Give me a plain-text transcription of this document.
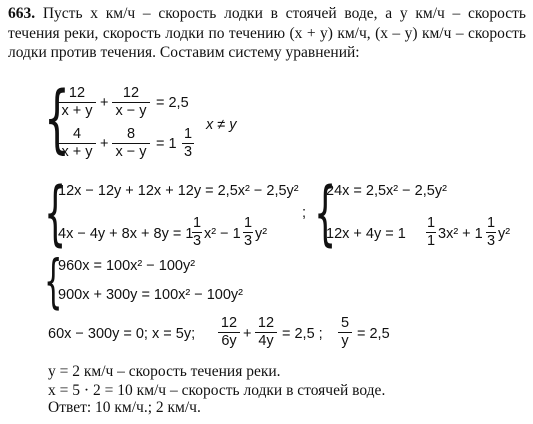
663. Пусть x км/ч – скорость лодки в стоячей воде, а y км/ч – скорость течения реки, скорость лодки по течению (x + y) км/ч, (x – y) км/ч – скорость лодки против течения. Составим систему уравнений:
{
$\frac{12}{x + y} + \frac{12}{x - y} = 2,5$
$\frac{4}{x + y} + \frac{8}{x - y} = 1 \frac{1}{3}$
x ≠ y
{
12x − 12y + 12x + 12y = 2,5x² − 2,5y²
4x − 4y + 8x + 8y = 1
$\frac{1}{3} x^2 - 1 \frac{1}{3} y^2$
; {
24x = 2,5x² − 2,5y²
$12x + 4y = 1 \frac{1}{1} 3x^2 + 1 \frac{1}{3} y^2$
{
960x = 100x² − 100y²
900x + 300y = 100x² − 100y²
60x − 300y = 0; x = 5y; $\frac{12}{6y} + \frac{12}{4y} = 2,5$ ; $\frac{5}{y} = 2,5$
y = 2 км/ч – скорость течения реки.
x = 5 ⋅ 2 = 10 км/ч – скорость лодки в стоячей воде.
Ответ: 10 км/ч.; 2 км/ч.
